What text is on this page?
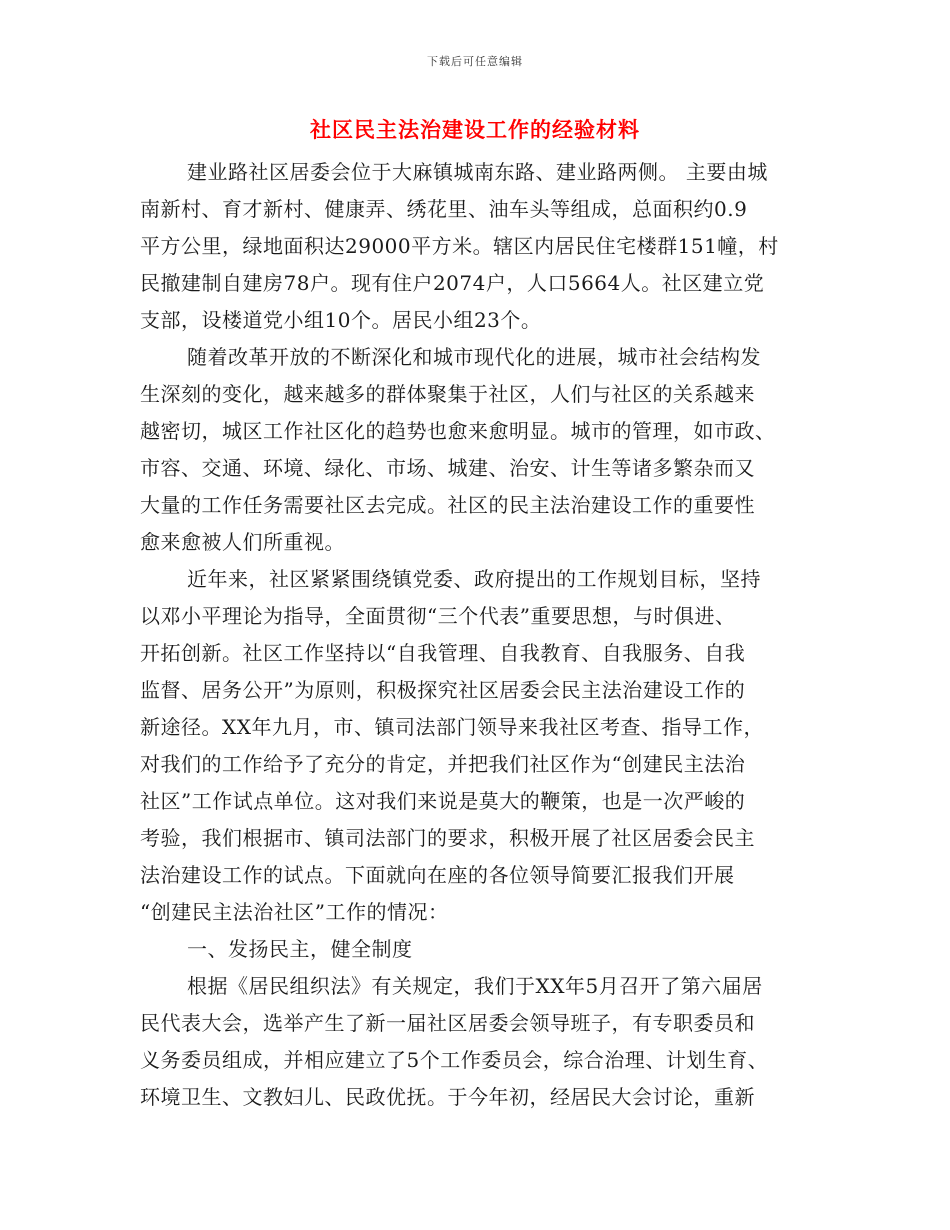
下载后可任意编辑
社区民主法治建设工作的经验材料
建业路社区居委会位于大麻镇城南东路、建业路两侧。 主要由城
南新村、育才新村、健康弄、绣花里、油车头等组成，总面积约0.9
平方公里，绿地面积达29000平方米。辖区内居民住宅楼群151幢，村
民撤建制自建房78户。现有住户2074户，人口5664人。社区建立党
支部，设楼道党小组10个。居民小组23个。
随着改革开放的不断深化和城市现代化的进展，城市社会结构发
生深刻的变化，越来越多的群体聚集于社区，人们与社区的关系越来
越密切，城区工作社区化的趋势也愈来愈明显。城市的管理，如市政、
市容、交通、环境、绿化、市场、城建、治安、计生等诸多繁杂而又
大量的工作任务需要社区去完成。社区的民主法治建设工作的重要性
愈来愈被人们所重视。
近年来，社区紧紧围绕镇党委、政府提出的工作规划目标，坚持
以邓小平理论为指导，全面贯彻“三个代表”重要思想，与时俱进、
开拓创新。社区工作坚持以“自我管理、自我教育、自我服务、自我
监督、居务公开”为原则，积极探究社区居委会民主法治建设工作的
新途径。XX年九月，市、镇司法部门领导来我社区考查、指导工作，
对我们的工作给予了充分的肯定，并把我们社区作为“创建民主法治
社区”工作试点单位。这对我们来说是莫大的鞭策，也是一次严峻的
考验，我们根据市、镇司法部门的要求，积极开展了社区居委会民主
法治建设工作的试点。下面就向在座的各位领导简要汇报我们开展
“创建民主法治社区”工作的情况：
一、发扬民主，健全制度
根据《居民组织法》有关规定，我们于XX年5月召开了第六届居
民代表大会，选举产生了新一届社区居委会领导班子，有专职委员和
义务委员组成，并相应建立了5个工作委员会，综合治理、计划生育、
环境卫生、文教妇儿、民政优抚。于今年初，经居民大会讨论，重新
